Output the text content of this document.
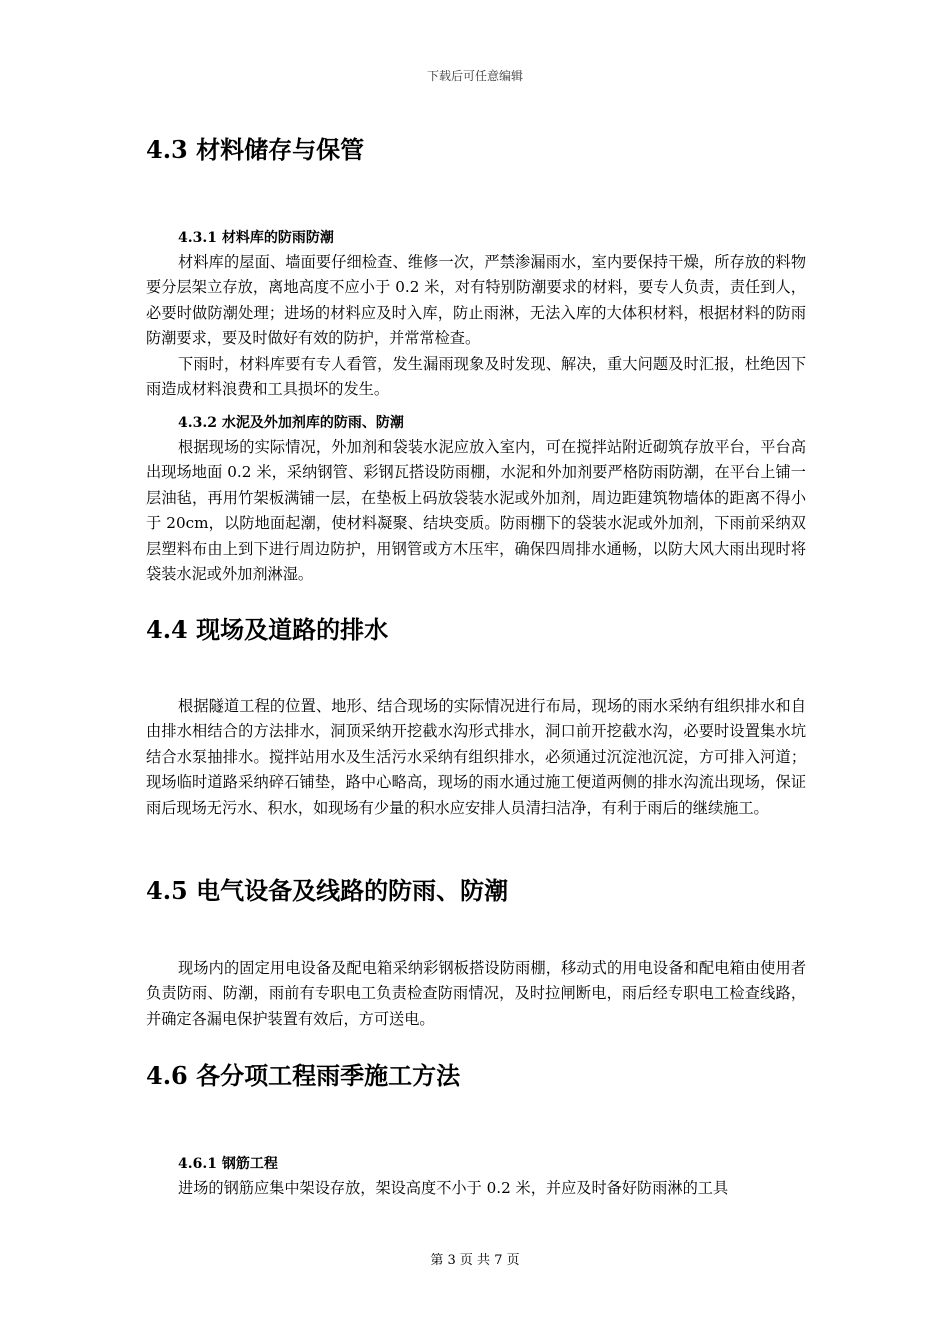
下载后可任意编辑
4.3 材料储存与保管
4.3.1 材料库的防雨防潮

材料库的屋面、墙面要仔细检查、维修一次，严禁渗漏雨水，室内要保持干燥，所存放的料物要分层架立存放，离地高度不应小于 0.2 米，对有特别防潮要求的材料，要专人负责，责任到人，必要时做防潮处理；进场的材料应及时入库，防止雨淋，无法入库的大体积材料，根据材料的防雨防潮要求，要及时做好有效的防护，并常常检查。

下雨时，材料库要有专人看管，发生漏雨现象及时发现、解决，重大问题及时汇报，杜绝因下雨造成材料浪费和工具损坏的发生。

4.3.2 水泥及外加剂库的防雨、防潮

根据现场的实际情况，外加剂和袋装水泥应放入室内，可在搅拌站附近砌筑存放平台，平台高出现场地面 0.2 米，采纳钢管、彩钢瓦搭设防雨棚，水泥和外加剂要严格防雨防潮，在平台上铺一层油毡，再用竹架板满铺一层，在垫板上码放袋装水泥或外加剂，周边距建筑物墙体的距离不得小于 20cm，以防地面起潮，使材料凝聚、结块变质。防雨棚下的袋装水泥或外加剂，下雨前采纳双层塑料布由上到下进行周边防护，用钢管或方木压牢，确保四周排水通畅，以防大风大雨出现时将袋装水泥或外加剂淋湿。

4.4 现场及道路的排水

根据隧道工程的位置、地形、结合现场的实际情况进行布局，现场的雨水采纳有组织排水和自由排水相结合的方法排水，洞顶采纳开挖截水沟形式排水，洞口前开挖截水沟，必要时设置集水坑结合水泵抽排水。搅拌站用水及生活污水采纳有组织排水，必须通过沉淀池沉淀，方可排入河道；现场临时道路采纳碎石铺垫，路中心略高，现场的雨水通过施工便道两侧的排水沟流出现场，保证雨后现场无污水、积水，如现场有少量的积水应安排人员清扫洁净，有利于雨后的继续施工。

4.5 电气设备及线路的防雨、防潮

现场内的固定用电设备及配电箱采纳彩钢板搭设防雨棚，移动式的用电设备和配电箱由使用者负责防雨、防潮，雨前有专职电工负责检查防雨情况，及时拉闸断电，雨后经专职电工检查线路，并确定各漏电保护装置有效后，方可送电。

4.6 各分项工程雨季施工方法
4.6.1 钢筋工程

进场的钢筋应集中架设存放，架设高度不小于 0.2 米，并应及时备好防雨淋的工具

第 3 页 共 7 页
